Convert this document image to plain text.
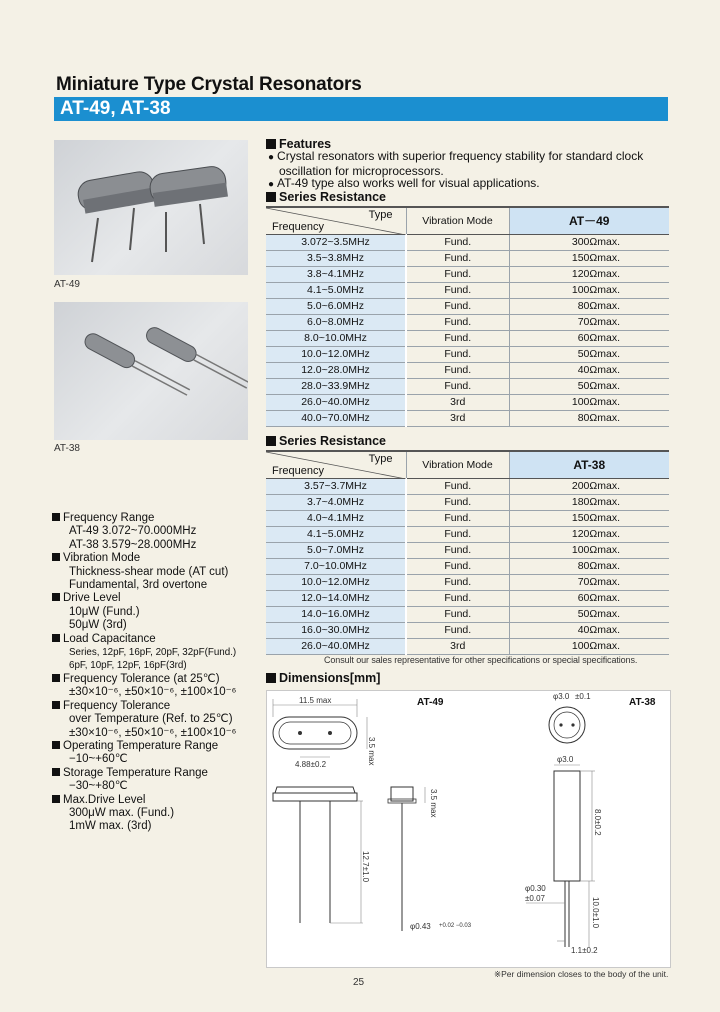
Miniature Type Crystal Resonators
AT-49, AT-38
AT-49
AT-38
Features
● Crystal resonators with superior frequency stability for standard clock oscillation for microprocessors.
● AT-49 type also works well for visual applications.
Series Resistance
Type
Frequency	Vibration Mode	AT－49
3.072~3.5MHz	Fund.	300Ωmax.
3.5~3.8MHz	Fund.	150Ωmax.
3.8~4.1MHz	Fund.	120Ωmax.
4.1~5.0MHz	Fund.	100Ωmax.
5.0~6.0MHz	Fund.	80Ωmax.
6.0~8.0MHz	Fund.	70Ωmax.
8.0~10.0MHz	Fund.	60Ωmax.
10.0~12.0MHz	Fund.	50Ωmax.
12.0~28.0MHz	Fund.	40Ωmax.
28.0~33.9MHz	Fund.	50Ωmax.
26.0~40.0MHz	3rd	100Ωmax.
40.0~70.0MHz	3rd	80Ωmax.
Series Resistance
Type
Frequency	Vibration Mode	AT-38
3.57~3.7MHz	Fund.	200Ωmax.
3.7~4.0MHz	Fund.	180Ωmax.
4.0~4.1MHz	Fund.	150Ωmax.
4.1~5.0MHz	Fund.	120Ωmax.
5.0~7.0MHz	Fund.	100Ωmax.
7.0~10.0MHz	Fund.	80Ωmax.
10.0~12.0MHz	Fund.	70Ωmax.
12.0~14.0MHz	Fund.	60Ωmax.
14.0~16.0MHz	Fund.	50Ωmax.
16.0~30.0MHz	Fund.	40Ωmax.
26.0~40.0MHz	3rd	100Ωmax.
Consult our sales representative for other specifications or special specifications.
Frequency Range
AT-49 3.072~70.000MHz
AT-38 3.579~28.000MHz
Vibration Mode
Thickness-shear mode (AT cut)
Fundamental, 3rd overtone
Drive Level
10μW (Fund.)
50μW (3rd)
Load Capacitance
Series, 12pF, 16pF, 20pF, 32pF(Fund.)
6pF, 10pF, 12pF, 16pF(3rd)
Frequency Tolerance (at 25℃)
±30×10⁻⁶, ±50×10⁻⁶, ±100×10⁻⁶
Frequency Tolerance
over Temperature (Ref. to 25℃)
±30×10⁻⁶, ±50×10⁻⁶, ±100×10⁻⁶
Operating Temperature Range
−10~+60℃
Storage Temperature Range
−30~+80℃
Max.Drive Level
300μW max. (Fund.)
1mW max. (3rd)
Dimensions[mm]
AT-49
11.5 max
3.5 max
4.88±0.2
12.7±1.0
3.5 max
φ0.43 +0.02 −0.03
AT-38
φ3.0 ±0.1
φ3.0
8.0±0.2
φ0.30
±0.07	10.0±1.0
1.1±0.2
※Per dimension closes to the body of the unit.
25
